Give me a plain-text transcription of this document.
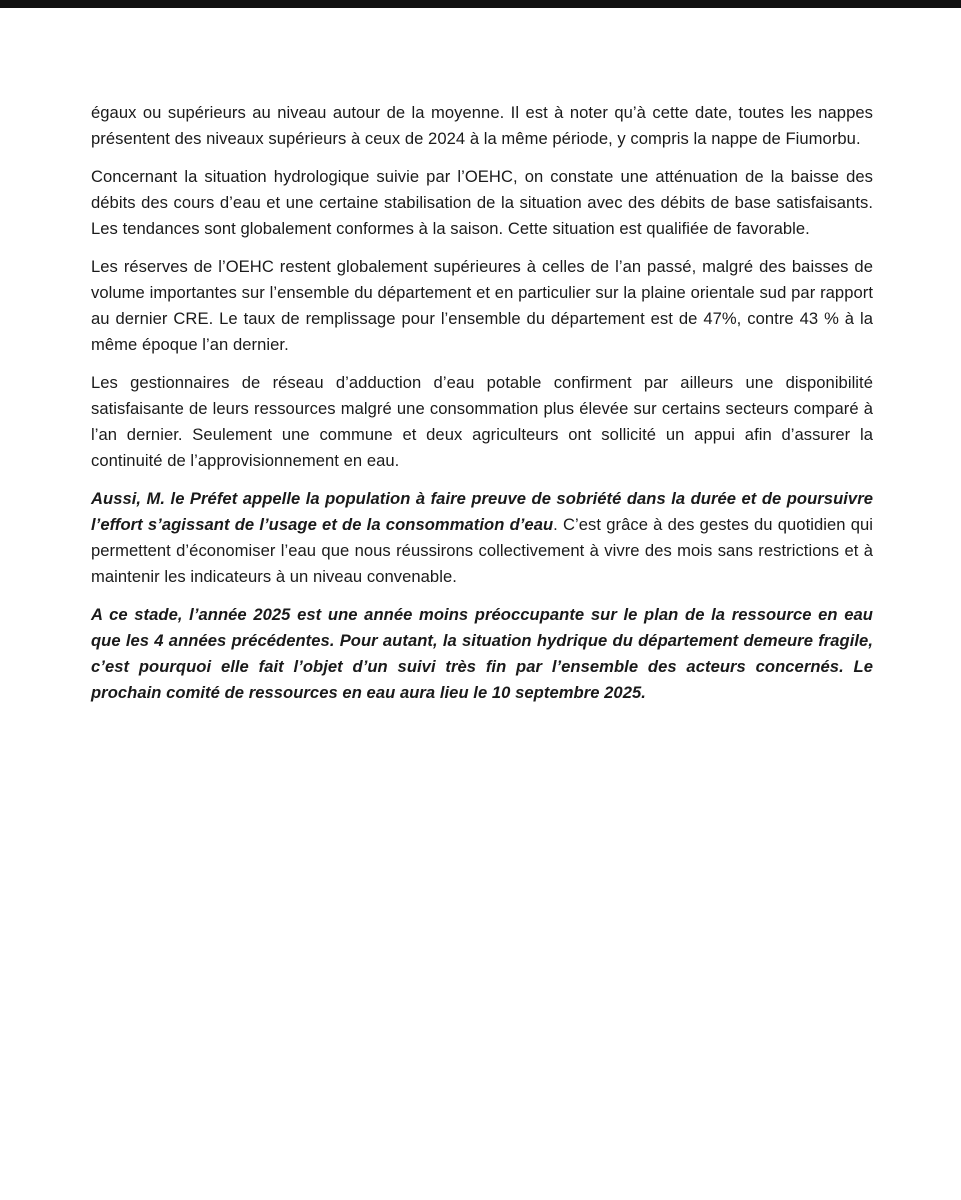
égaux ou supérieurs au niveau autour de la moyenne. Il est à noter qu’à cette date, toutes les nappes présentent des niveaux supérieurs à ceux de 2024 à la même période, y compris la nappe de Fiumorbu.

Concernant la situation hydrologique suivie par l’OEHC, on constate une atténuation de la baisse des débits des cours d’eau et une certaine stabilisation de la situation avec des débits de base satisfaisants. Les tendances sont globalement conformes à la saison. Cette situation est qualifiée de favorable.

Les réserves de l’OEHC restent globalement supérieures à celles de l’an passé, malgré des baisses de volume importantes sur l’ensemble du département et en particulier sur la plaine orientale sud par rapport au dernier CRE. Le taux de remplissage pour l’ensemble du département est de 47%, contre 43 % à la même époque l’an dernier.

Les gestionnaires de réseau d’adduction d’eau potable confirment par ailleurs une disponibilité satisfaisante de leurs ressources malgré une consommation plus élevée sur certains secteurs comparé à l’an dernier. Seulement une commune et deux agriculteurs ont sollicité un appui afin d’assurer la continuité de l’approvisionnement en eau.

Aussi, M. le Préfet appelle la population à faire preuve de sobriété dans la durée et de poursuivre l’effort s’agissant de l’usage et de la consommation d’eau. C’est grâce à des gestes du quotidien qui permettent d’économiser l’eau que nous réussirons collectivement à vivre des mois sans restrictions et à maintenir les indicateurs à un niveau convenable.

A ce stade, l’année 2025 est une année moins préoccupante sur le plan de la ressource en eau que les 4 années précédentes. Pour autant, la situation hydrique du département demeure fragile, c’est pourquoi elle fait l’objet d’un suivi très fin par l’ensemble des acteurs concernés. Le prochain comité de ressources en eau aura lieu le 10 septembre 2025.
